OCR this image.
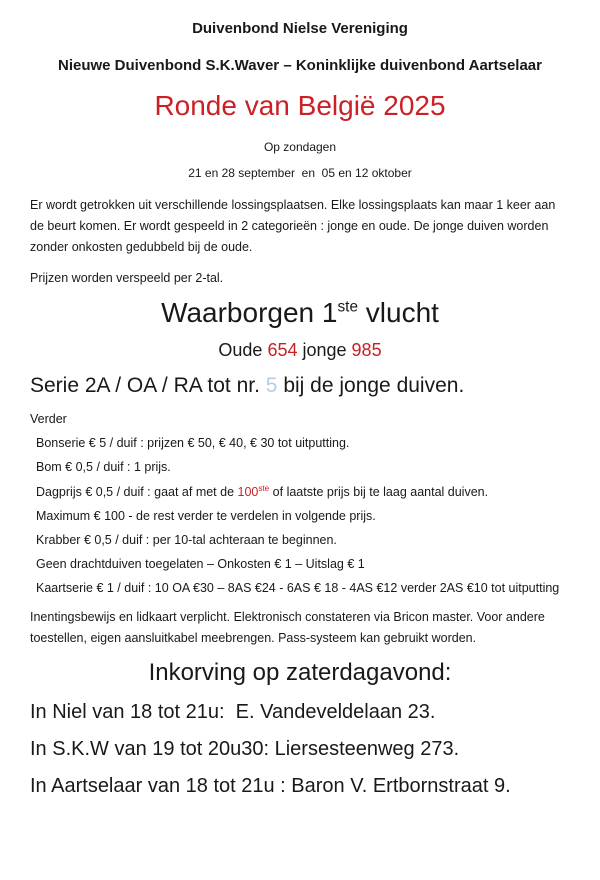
Duivenbond Nielse Vereniging
Nieuwe Duivenbond S.K.Waver – Koninklijke duivenbond Aartselaar
Ronde van België 2025
Op zondagen
21 en 28 september  en  05 en 12 oktober
Er wordt getrokken uit verschillende lossingsplaatsen. Elke lossingsplaats kan maar 1 keer aan de beurt komen. Er wordt gespeeld in 2 categorieën : jonge en oude. De jonge duiven worden zonder onkosten gedubbeld bij de oude.
Prijzen worden verspeeld per 2-tal.
Waarborgen 1ste vlucht
Oude 654 jonge 985
Serie 2A / OA / RA tot nr. 5 bij de jonge duiven.
Verder
Bonserie € 5 / duif : prijzen € 50, € 40, € 30 tot uitputting.
Bom € 0,5 / duif : 1 prijs.
Dagprijs € 0,5 / duif : gaat af met de 100ste of laatste prijs bij te laag aantal duiven.
Maximum € 100 - de rest verder te verdelen in volgende prijs.
Krabber € 0,5 / duif : per 10-tal achteraan te beginnen.
Geen drachtduiven toegelaten – Onkosten € 1 – Uitslag € 1
Kaartserie € 1 / duif : 10 OA €30 – 8AS €24 - 6AS € 18 - 4AS €12 verder 2AS €10 tot uitputting
Inentingsbewijs en lidkaart verplicht. Elektronisch constateren via Bricon master. Voor andere toestellen, eigen aansluitkabel meebrengen. Pass-systeem kan gebruikt worden.
Inkorving op zaterdagavond:
In Niel van 18 tot 21u:  E. Vandeveldelaan 23.
In S.K.W van 19 tot 20u30: Liersesteenweg 273.
In Aartselaar van 18 tot 21u : Baron V. Ertbornstraat 9.
